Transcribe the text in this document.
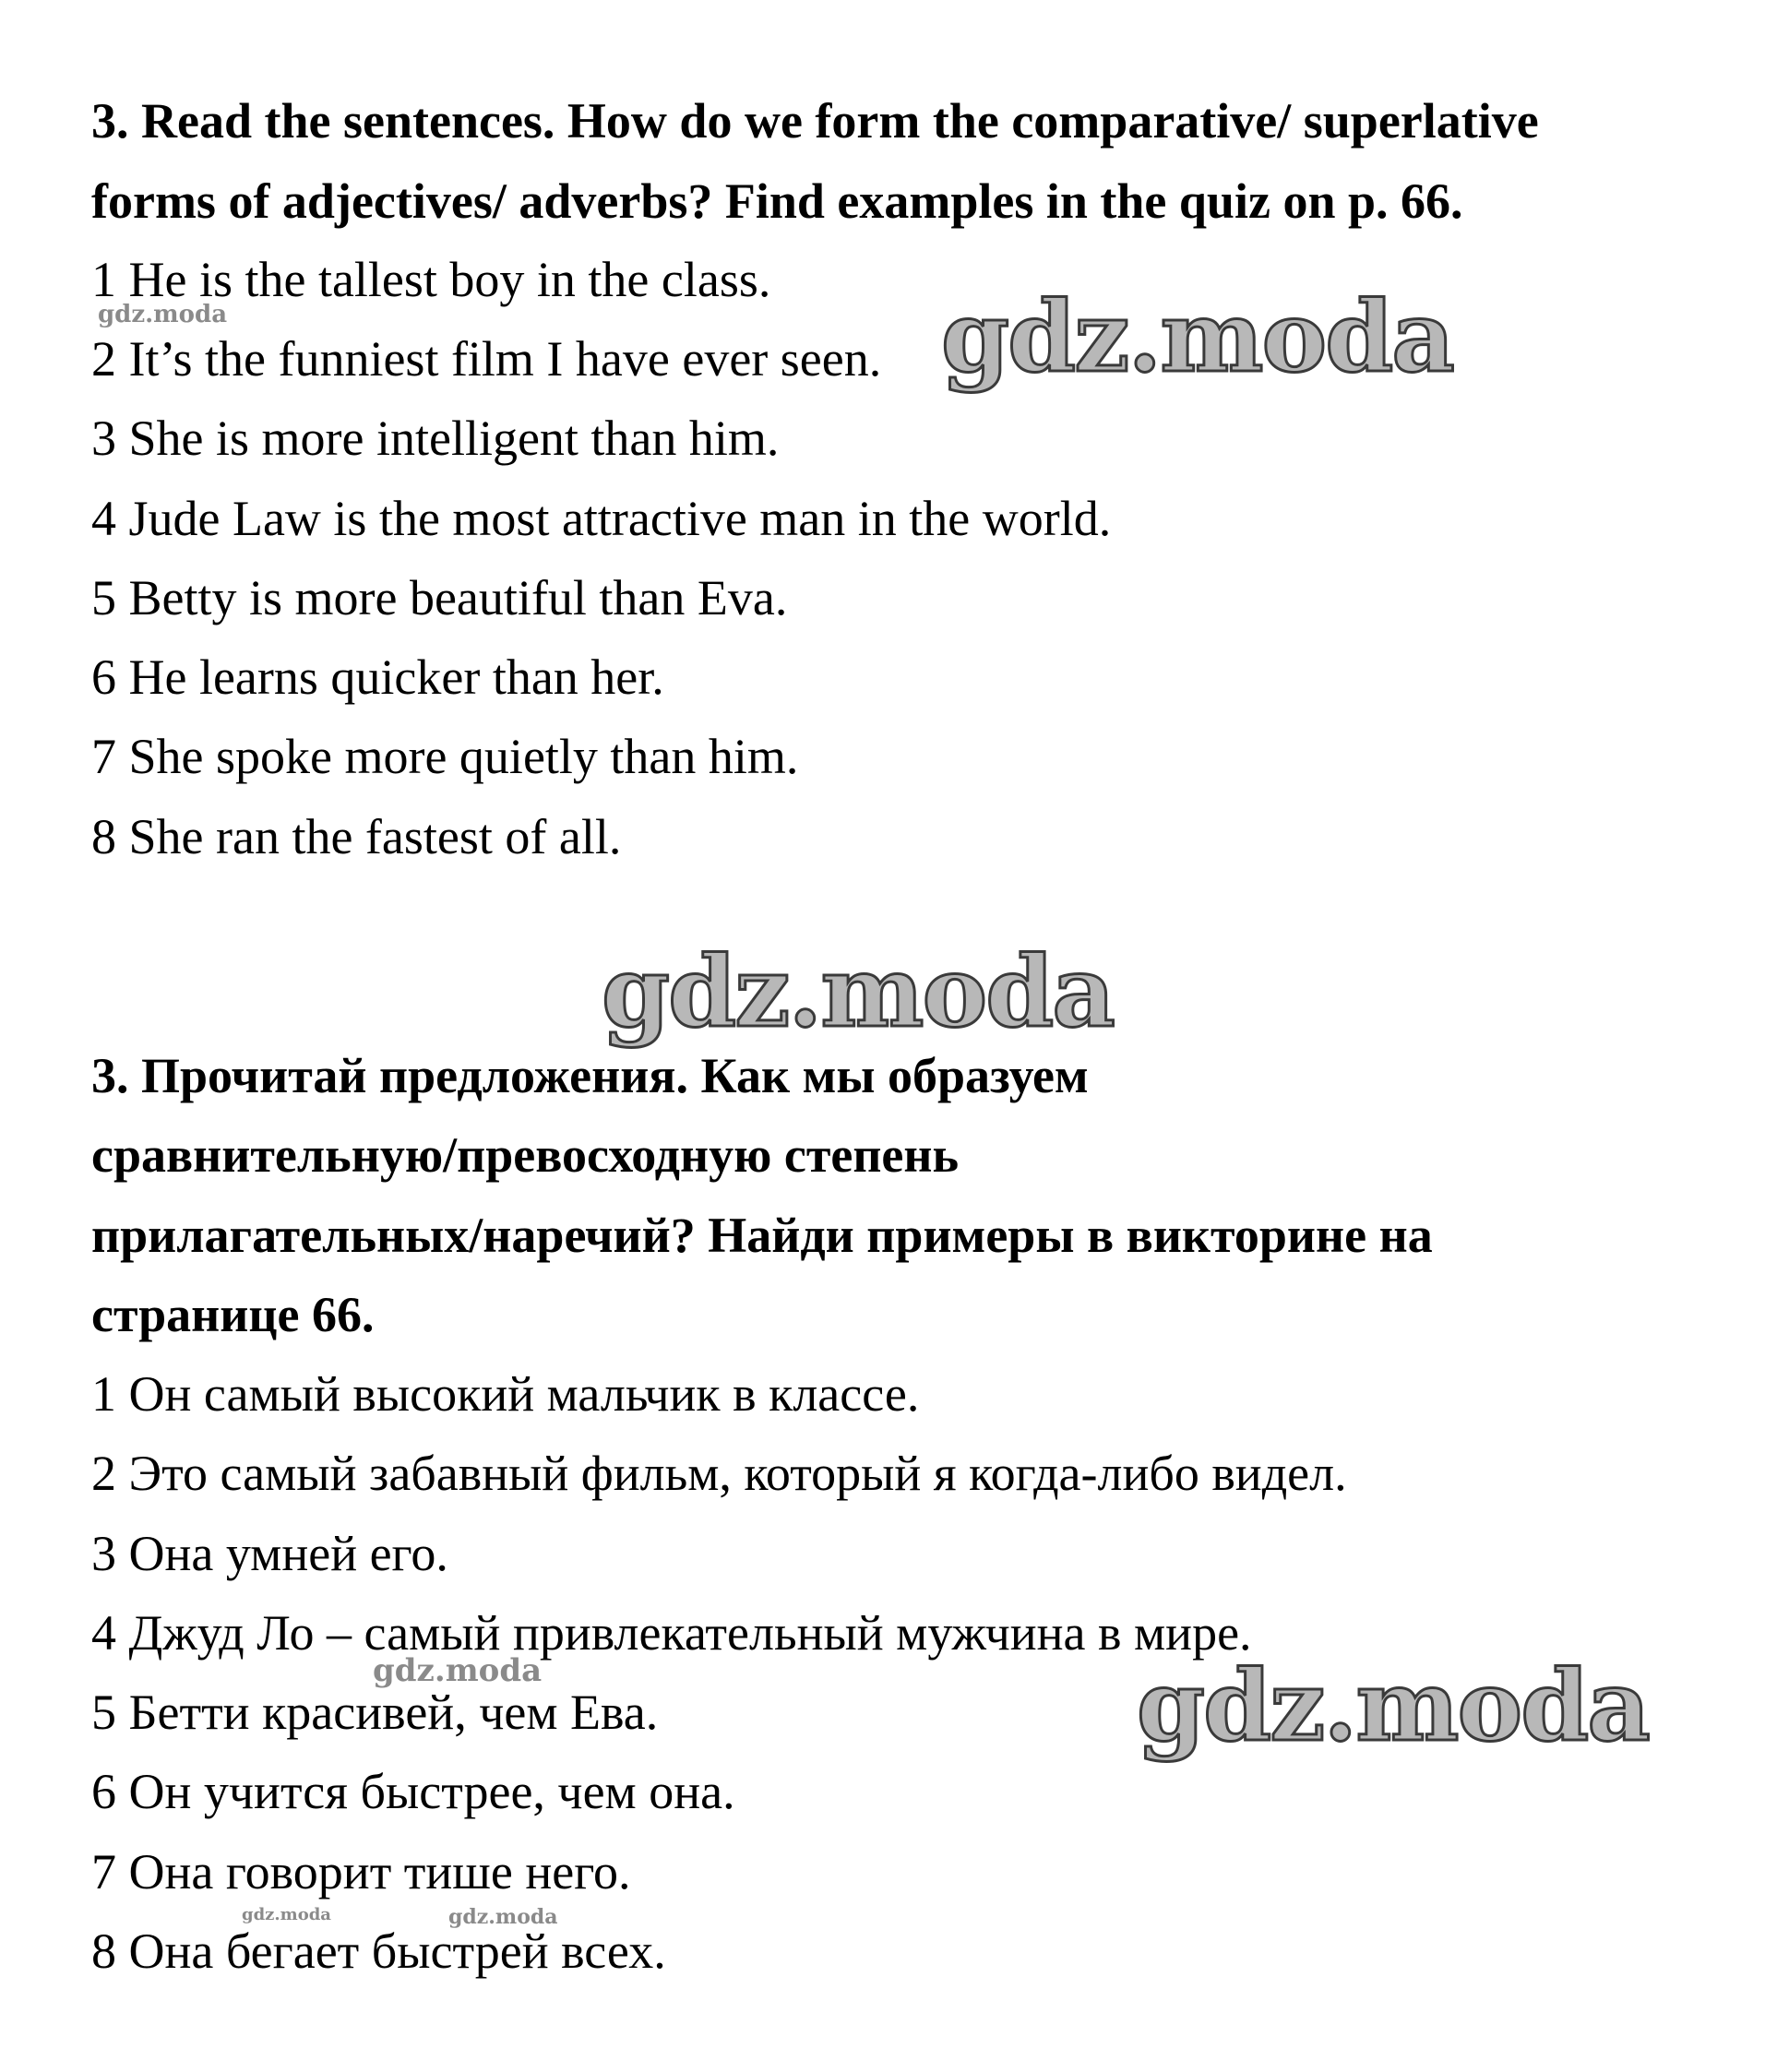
3. Read the sentences. How do we form the comparative/ superlative
forms of adjectives/ adverbs? Find examples in the quiz on p. 66.
1 He is the tallest boy in the class.
2 It’s the funniest film I have ever seen.
3 She is more intelligent than him.
4 Jude Law is the most attractive man in the world.
5 Betty is more beautiful than Eva.
6 He learns quicker than her.
7 She spoke more quietly than him.
8 She ran the fastest of all.
3. Прочитай предложения. Как мы образуем
сравнительную/превосходную степень
прилагательных/наречий? Найди примеры в викторине на
странице 66.
1 Он самый высокий мальчик в классе.
2 Это самый забавный фильм, который я когда-либо видел.
3 Она умней его.
4 Джуд Ло – самый привлекательный мужчина в мире.
5 Бетти красивей, чем Ева.
6 Он учится быстрее, чем она.
7 Она говорит тише него.
8 Она бегает быстрей всех.
gdz.moda	gdz.moda
gdz.moda
gdz.moda	gdz.moda
gdz.moda	gdz.moda
